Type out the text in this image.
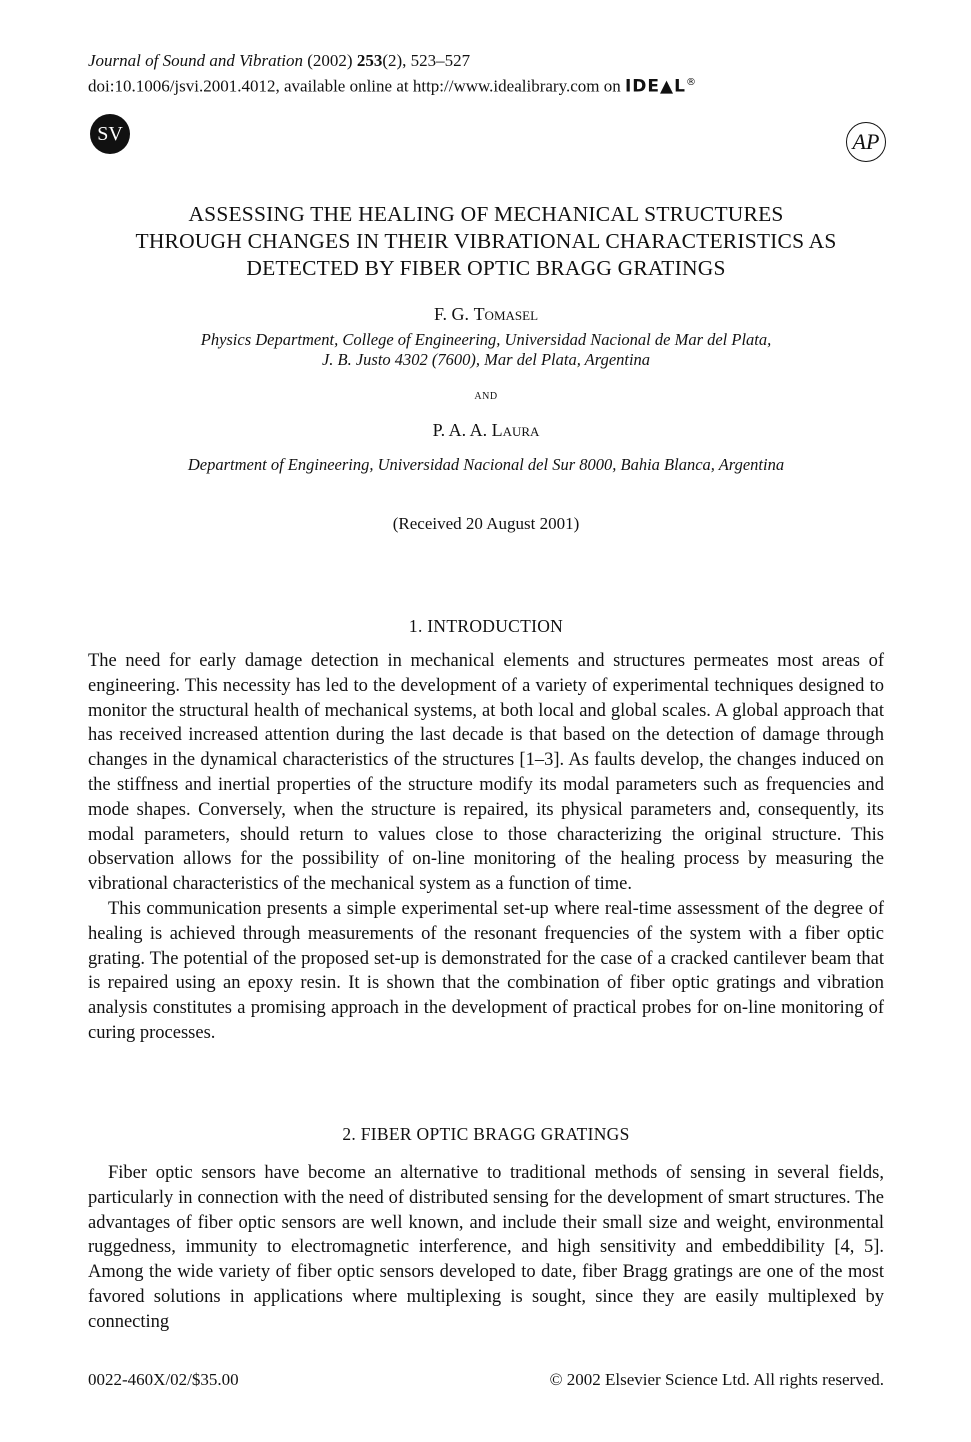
Journal of Sound and Vibration (2002) 253(2), 523–527
doi:10.1006/jsvi.2001.4012, available online at http://www.idealibrary.com on IDE▲L®
SV	AP
ASSESSING THE HEALING OF MECHANICAL STRUCTURES
THROUGH CHANGES IN THEIR VIBRATIONAL CHARACTERISTICS AS
DETECTED BY FIBER OPTIC BRAGG GRATINGS
F. G. Tomasel
Physics Department, College of Engineering, Universidad Nacional de Mar del Plata,
J. B. Justo 4302 (7600), Mar del Plata, Argentina
and
P. A. A. Laura
Department of Engineering, Universidad Nacional del Sur 8000, Bahia Blanca, Argentina
(Received 20 August 2001)
1. INTRODUCTION

The need for early damage detection in mechanical elements and structures permeates most areas of engineering. This necessity has led to the development of a variety of experimental techniques designed to monitor the structural health of mechanical systems, at both local and global scales. A global approach that has received increased attention during the last decade is that based on the detection of damage through changes in the dynamical characteristics of the structures [1–3]. As faults develop, the changes induced on the stiffness and inertial properties of the structure modify its modal parameters such as frequencies and mode shapes. Conversely, when the structure is repaired, its physical parameters and, consequently, its modal parameters, should return to values close to those characterizing the original structure. This observation allows for the possibility of on-line monitoring of the healing process by measuring the vibrational characteristics of the mechanical system as a function of time.

This communication presents a simple experimental set-up where real-time assessment of the degree of healing is achieved through measurements of the resonant frequencies of the system with a fiber optic grating. The potential of the proposed set-up is demonstrated for the case of a cracked cantilever beam that is repaired using an epoxy resin. It is shown that the combination of fiber optic gratings and vibration analysis constitutes a promising approach in the development of practical probes for on-line monitoring of curing processes.

2. FIBER OPTIC BRAGG GRATINGS

Fiber optic sensors have become an alternative to traditional methods of sensing in several fields, particularly in connection with the need of distributed sensing for the development of smart structures. The advantages of fiber optic sensors are well known, and include their small size and weight, environmental ruggedness, immunity to electromagnetic interference, and high sensitivity and embeddibility [4, 5]. Among the wide variety of fiber optic sensors developed to date, fiber Bragg gratings are one of the most favored solutions in applications where multiplexing is sought, since they are easily multiplexed by connecting

0022-460X/02/$35.00	© 2002 Elsevier Science Ltd. All rights reserved.
